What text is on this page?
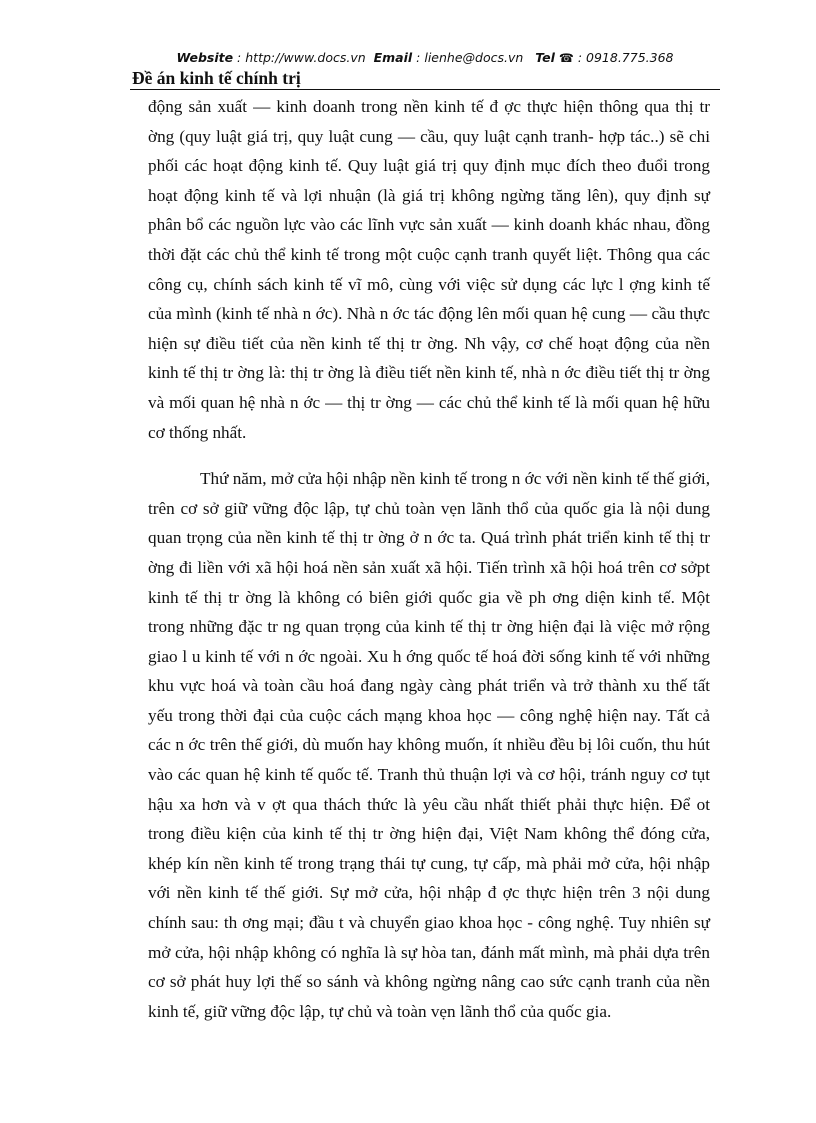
Website : http://www.docs.vn Email : lienhe@docs.vn Tel ☎ : 0918.775.368
Đề án kinh tế chính trị

động sản xuất — kinh doanh trong nền kinh tế đ ợc thực hiện thông qua thị tr ờng (quy luật giá trị, quy luật cung — cầu, quy luật cạnh tranh- hợp tác..) sẽ chi phối các hoạt động kinh tế. Quy luật giá trị quy định mục đích theo đuổi trong hoạt động kinh tế và lợi nhuận (là giá trị không ngừng tăng lên), quy định sự phân bổ các nguồn lực vào các lĩnh vực sản xuất — kinh doanh khác nhau, đồng thời đặt các chủ thể kinh tế trong một cuộc cạnh tranh quyết liệt. Thông qua các công cụ, chính sách kinh tế vĩ mô, cùng với việc sử dụng các lực l ợng kinh tế của mình (kinh tế nhà n ớc). Nhà n ớc tác động lên mối quan hệ cung — cầu thực hiện sự điều tiết của nền kinh tế thị tr ờng. Nh vậy, cơ chế hoạt động của nền kinh tế thị tr ờng là: thị tr ờng là điều tiết nền kinh tế, nhà n ớc điều tiết thị tr ờng và mối quan hệ nhà n ớc — thị tr ờng — các chủ thể kinh tế là mối quan hệ hữu cơ thống nhất.

Thứ năm, mở cửa hội nhập nền kinh tế trong n ớc với nền kinh tế thế giới, trên cơ sở giữ vững độc lập, tự chủ toàn vẹn lãnh thổ của quốc gia là nội dung quan trọng của nền kinh tế thị tr ờng ở n ớc ta. Quá trình phát triển kinh tế thị tr ờng đi liền với xã hội hoá nền sản xuất xã hội. Tiến trình xã hội hoá trên cơ sởpt kinh tế thị tr ờng là không có biên giới quốc gia về ph ơng diện kinh tế. Một trong những đặc tr ng quan trọng của kinh tế thị tr ờng hiện đại là việc mở rộng giao l u kinh tế với n ớc ngoài. Xu h ớng quốc tế hoá đời sống kinh tế với những khu vực hoá và toàn cầu hoá đang ngày càng phát triển và trở thành xu thế tất yếu trong thời đại của cuộc cách mạng khoa học — công nghệ hiện nay. Tất cả các n ớc trên thế giới, dù muốn hay không muốn, ít nhiều đều bị lôi cuốn, thu hút vào các quan hệ kinh tế quốc tế. Tranh thủ thuận lợi và cơ hội, tránh nguy cơ tụt hậu xa hơn và v ợt qua thách thức là yêu cầu nhất thiết phải thực hiện. Để ot trong điều kiện của kinh tế thị tr ờng hiện đại, Việt Nam không thể đóng cửa, khép kín nền kinh tế trong trạng thái tự cung, tự cấp, mà phải mở cửa, hội nhập với nền kinh tế thế giới. Sự mở cửa, hội nhập đ ợc thực hiện trên 3 nội dung chính sau: th ơng mại; đầu t và chuyển giao khoa học - công nghệ. Tuy nhiên sự mở cửa, hội nhập không có nghĩa là sự hòa tan, đánh mất mình, mà phải dựa trên cơ sở phát huy lợi thế so sánh và không ngừng nâng cao sức cạnh tranh của nền kinh tế, giữ vững độc lập, tự chủ và toàn vẹn lãnh thổ của quốc gia.
